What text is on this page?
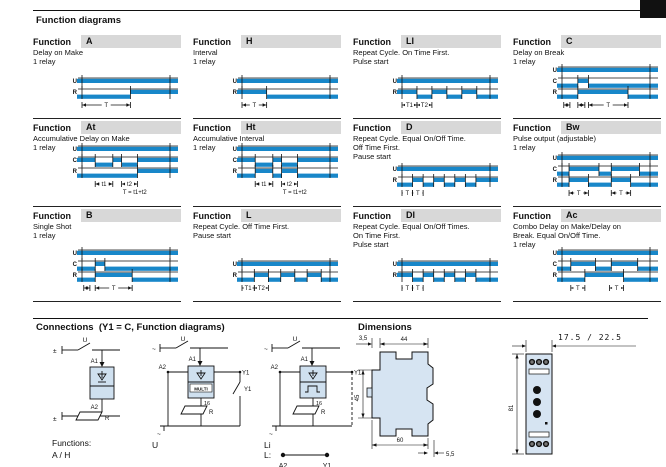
Function diagrams
Function	A
Delay on Make
1 relay
U
R
T
Function	H
Interval
1 relay
U
R
T
Function	LI
Repeat Cycle. On Time First.
Pulse start
U
R
T1 T2
Function	C
Delay on Break
1 relay
U
C
R
T
Function	At
Accumulative Delay on Make
1 relay	U
C
R
t1	t2
T = t1+t2
Function	Ht
Accumulative Interval
1 relay	U
C
R
t1	t2
T = t1+t2
Function	D
Repeat Cycle. Equal On/Off Time.
Off Time First.
Pause start
U
R
T T
Function	Bw
Pulse output (adjustable)
1 relay
U
C
R
T	T
Function	B
Single Shot
1 relay
U
C
R
T
Function	L
Repeat Cycle. Off Time First.
Pause start
U
R
T1 T2
Function	DI
Repeat Cycle. Equal On/Off Times.
On Time First.
Pulse start
U
R
T T
Function	Ac
Combo Delay on Make/Delay on
Break. Equal On/Off Time.
1 relay
U
C
R
T	T
Connections (Y1 = C, Function diagrams)	Dimensions
U
A1
A2
R
±
±
Functions:
A / H
U
A1
A2
Y1
Y1
MULTI
16
R
~
~
U
U
A1
A2
Y1
16
R
~
~
Li
L:
A2	Y1
3,5	44
45
60
5,5
81
17.5 / 22.5
